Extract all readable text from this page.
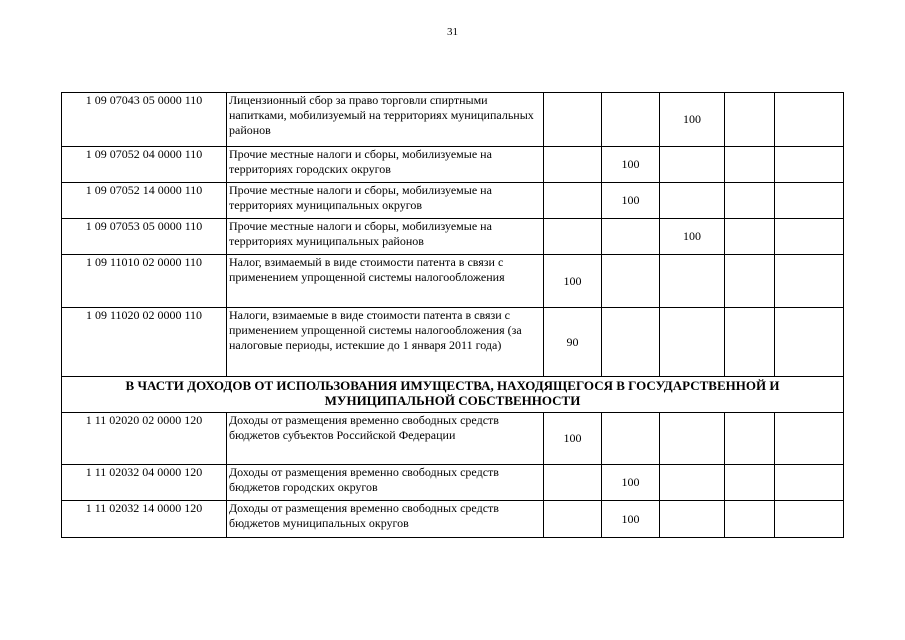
31
1 09 07043 05 0000 110	Лицензионный сбор за право торговли спиртными напитками, мобилизуемый на территориях муниципальных районов			100		
1 09 07052 04 0000 110	Прочие местные налоги и сборы, мобилизуемые на территориях городских округов		100			
1 09 07052 14 0000 110	Прочие местные налоги и сборы, мобилизуемые на территориях муниципальных округов		100			
1 09 07053 05 0000 110	Прочие местные налоги и сборы, мобилизуемые на территориях муниципальных районов			100		
1 09 11010 02 0000 110	Налог, взимаемый в виде стоимости патента в связи с применением упрощенной системы налогообложения	100				
1 09 11020 02 0000 110	Налоги, взимаемые в виде стоимости патента в связи с применением упрощенной системы налогообложения (за налоговые периоды, истекшие до 1 января 2011 года)	90				
В ЧАСТИ ДОХОДОВ ОТ ИСПОЛЬЗОВАНИЯ ИМУЩЕСТВА, НАХОДЯЩЕГОСЯ В ГОСУДАРСТВЕННОЙ И МУНИЦИПАЛЬНОЙ СОБСТВЕННОСТИ						
1 11 02020 02 0000 120	Доходы от размещения временно свободных средств бюджетов субъектов Российской Федерации	100				
1 11 02032 04 0000 120	Доходы от размещения временно свободных средств бюджетов городских округов		100			
1 11 02032 14 0000 120	Доходы от размещения временно свободных средств бюджетов муниципальных округов		100			
